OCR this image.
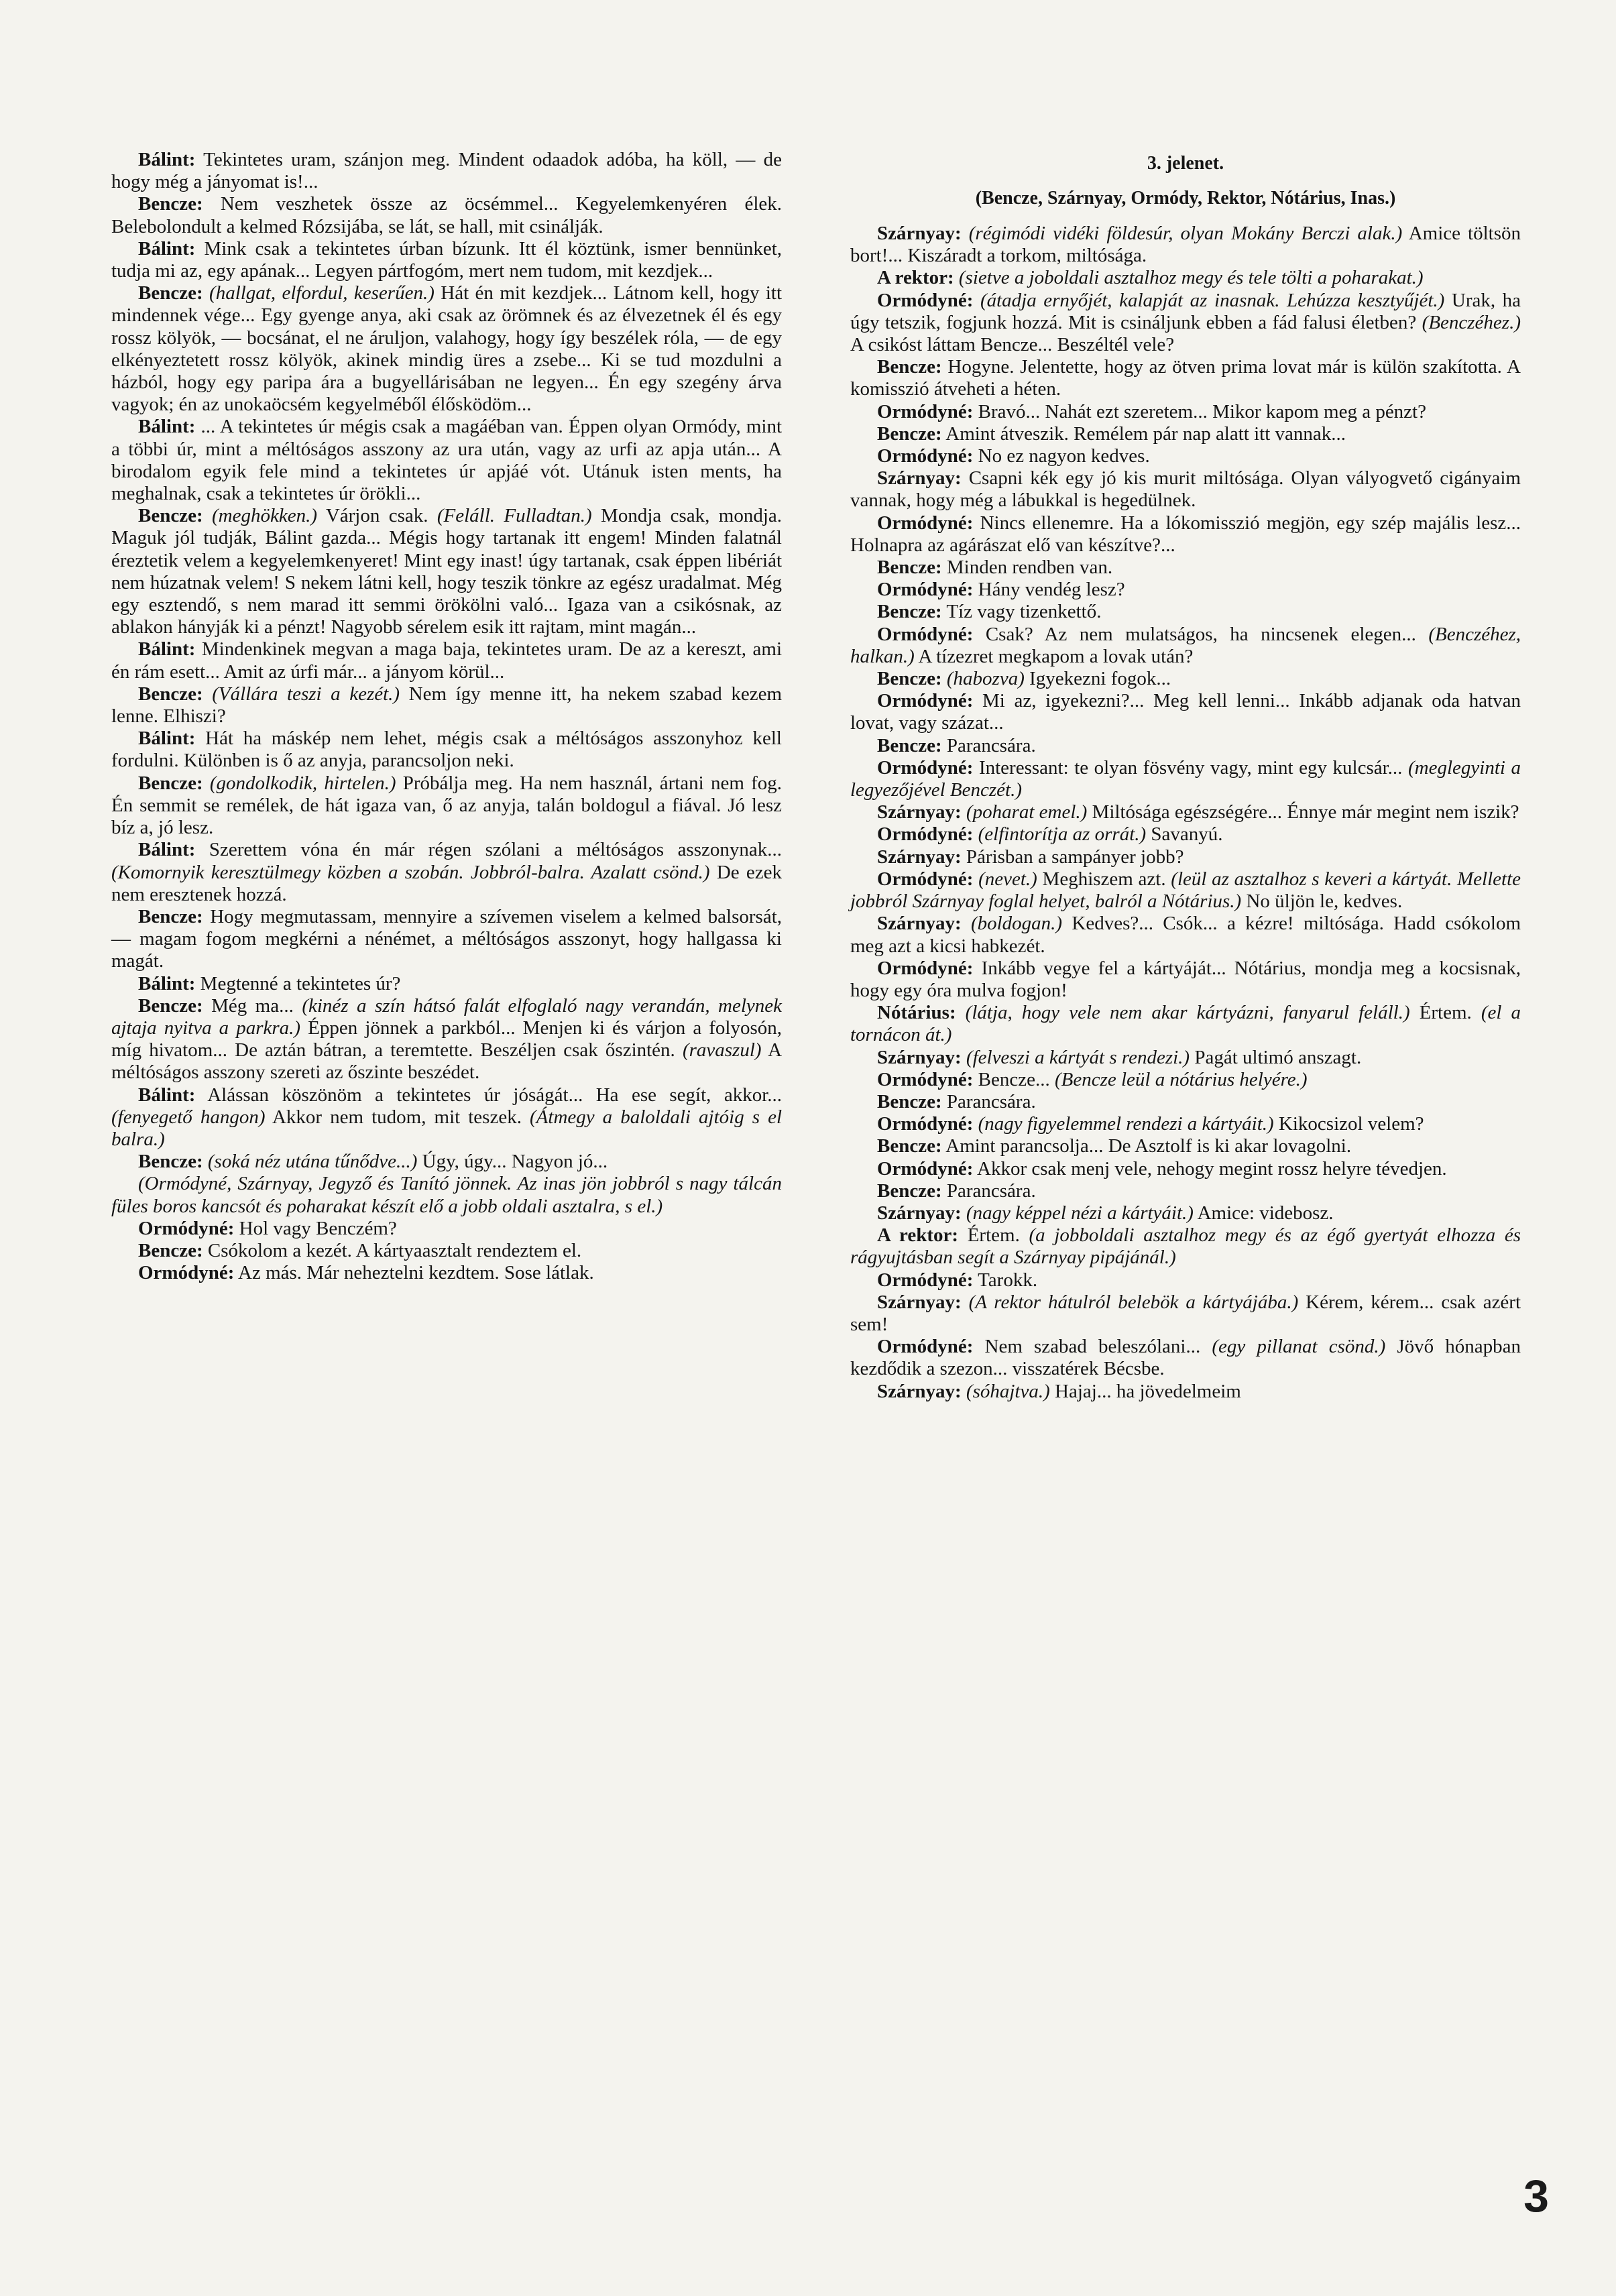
Bálint: Tekintetes uram, szánjon meg. Mindent odaadok adóba, ha köll, — de hogy még a jányomat is!...

Bencze: Nem veszhetek össze az öcsémmel... Kegyelemkenyéren élek. Belebolondult a kelmed Rózsijába, se lát, se hall, mit csinálják.

Bálint: Mink csak a tekintetes úrban bízunk. Itt él köztünk, ismer bennünket, tudja mi az, egy apának... Legyen pártfogóm, mert nem tudom, mit kezdjek...

Bencze: (hallgat, elfordul, keserűen.) Hát én mit kezdjek... Látnom kell, hogy itt mindennek vége... Egy gyenge anya, aki csak az örömnek és az élvezetnek él és egy rossz kölyök, — bocsánat, el ne áruljon, valahogy, hogy így beszélek róla, — de egy elkényeztetett rossz kölyök, akinek mindig üres a zsebe... Ki se tud mozdulni a házból, hogy egy paripa ára a bugyellárisában ne legyen... Én egy szegény árva vagyok; én az unokaöcsém kegyelméből élősködöm...

Bálint: ... A tekintetes úr mégis csak a magáéban van. Éppen olyan Ormódy, mint a többi úr, mint a méltóságos asszony az ura után, vagy az urfi az apja után... A birodalom egyik fele mind a tekintetes úr apjáé vót. Utánuk isten ments, ha meghalnak, csak a tekintetes úr örökli...

Bencze: (meghökken.) Várjon csak. (Feláll. Fulladtan.) Mondja csak, mondja. Maguk jól tudják, Bálint gazda... Mégis hogy tartanak itt engem! Minden falatnál éreztetik velem a kegyelemkenyeret! Mint egy inast! úgy tartanak, csak éppen libériát nem húzatnak velem! S nekem látni kell, hogy teszik tönkre az egész uradalmat. Még egy esztendő, s nem marad itt semmi örökölni való... Igaza van a csikósnak, az ablakon hányják ki a pénzt! Nagyobb sérelem esik itt rajtam, mint magán...

Bálint: Mindenkinek megvan a maga baja, tekintetes uram. De az a kereszt, ami én rám esett... Amit az úrfi már... a jányom körül...

Bencze: (Vállára teszi a kezét.) Nem így menne itt, ha nekem szabad kezem lenne. Elhiszi?

Bálint: Hát ha máskép nem lehet, mégis csak a méltóságos asszonyhoz kell fordulni. Különben is ő az anyja, parancsoljon neki.

Bencze: (gondolkodik, hirtelen.) Próbálja meg. Ha nem használ, ártani nem fog. Én semmit se remélek, de hát igaza van, ő az anyja, talán boldogul a fiával. Jó lesz bíz a, jó lesz.

Bálint: Szerettem vóna én már régen szólani a méltóságos asszonynak... (Komornyik keresztülmegy közben a szobán. Jobbról-balra. Azalatt csönd.) De ezek nem eresztenek hozzá.

Bencze: Hogy megmutassam, mennyire a szívemen viselem a kelmed balsorsát, — magam fogom megkérni a nénémet, a méltóságos asszonyt, hogy hallgassa ki magát.

Bálint: Megtenné a tekintetes úr?

Bencze: Még ma... (kinéz a szín hátsó falát elfoglaló nagy verandán, melynek ajtaja nyitva a parkra.) Éppen jönnek a parkból... Menjen ki és várjon a folyosón, míg hivatom... De aztán bátran, a teremtette. Beszéljen csak őszintén. (ravaszul) A méltóságos asszony szereti az őszinte beszédet.

Bálint: Alássan köszönöm a tekintetes úr jóságát... Ha ese segít, akkor... (fenyegető hangon) Akkor nem tudom, mit teszek. (Átmegy a baloldali ajtóig s el balra.)

Bencze: (soká néz utána tűnődve...) Úgy, úgy... Nagyon jó...

(Ormódyné, Szárnyay, Jegyző és Tanító jönnek. Az inas jön jobbról s nagy tálcán füles boros kancsót és poharakat készít elő a jobb oldali asztalra, s el.)

Ormódyné: Hol vagy Benczém?

Bencze: Csókolom a kezét. A kártyaasztalt rendeztem el.

Ormódyné: Az más. Már neheztelni kezdtem. Sose látlak.

3. jelenet.
(Bencze, Szárnyay, Ormódy, Rektor, Nótárius, Inas.)

Szárnyay: (régimódi vidéki földesúr, olyan Mokány Berczi alak.) Amice töltsön bort!... Kiszáradt a torkom, miltósága.

A rektor: (sietve a joboldali asztalhoz megy és tele tölti a poharakat.)

Ormódyné: (átadja ernyőjét, kalapját az inasnak. Lehúzza kesztyűjét.) Urak, ha úgy tetszik, fogjunk hozzá. Mit is csináljunk ebben a fád falusi életben? (Benczéhez.) A csikóst láttam Bencze... Beszéltél vele?

Bencze: Hogyne. Jelentette, hogy az ötven prima lovat már is külön szakította. A komisszió átveheti a héten.

Ormódyné: Bravó... Nahát ezt szeretem... Mikor kapom meg a pénzt?

Bencze: Amint átveszik. Remélem pár nap alatt itt vannak...

Ormódyné: No ez nagyon kedves.

Szárnyay: Csapni kék egy jó kis murit miltósága. Olyan vályogvető cigányaim vannak, hogy még a lábukkal is hegedülnek.

Ormódyné: Nincs ellenemre. Ha a lókomisszió megjön, egy szép majális lesz... Holnapra az agárászat elő van készítve?...

Bencze: Minden rendben van.

Ormódyné: Hány vendég lesz?

Bencze: Tíz vagy tizenkettő.

Ormódyné: Csak? Az nem mulatságos, ha nincsenek elegen... (Benczéhez, halkan.) A tízezret megkapom a lovak után?

Bencze: (habozva) Igyekezni fogok...

Ormódyné: Mi az, igyekezni?... Meg kell lenni... Inkább adjanak oda hatvan lovat, vagy százat...

Bencze: Parancsára.

Ormódyné: Interessant: te olyan fösvény vagy, mint egy kulcsár... (meglegyinti a legyezőjével Benczét.)

Szárnyay: (poharat emel.) Miltósága egészségére... Énnye már megint nem iszik?

Ormódyné: (elfintorítja az orrát.) Savanyú.

Szárnyay: Párisban a sampányer jobb?

Ormódyné: (nevet.) Meghiszem azt. (leül az asztalhoz s keveri a kártyát. Mellette jobbról Szárnyay foglal helyet, balról a Nótárius.) No üljön le, kedves.

Szárnyay: (boldogan.) Kedves?... Csók... a kézre! miltósága. Hadd csókolom meg azt a kicsi habkezét.

Ormódyné: Inkább vegye fel a kártyáját... Nótárius, mondja meg a kocsisnak, hogy egy óra mulva fogjon!

Nótárius: (látja, hogy vele nem akar kártyázni, fanyarul feláll.) Értem. (el a tornácon át.)

Szárnyay: (felveszi a kártyát s rendezi.) Pagát ultimó anszagt.

Ormódyné: Bencze... (Bencze leül a nótárius helyére.)

Bencze: Parancsára.

Ormódyné: (nagy figyelemmel rendezi a kártyáit.) Kikocsizol velem?

Bencze: Amint parancsolja... De Asztolf is ki akar lovagolni.

Ormódyné: Akkor csak menj vele, nehogy megint rossz helyre tévedjen.

Bencze: Parancsára.

Szárnyay: (nagy képpel nézi a kártyáit.) Amice: videbosz.

A rektor: Értem. (a jobboldali asztalhoz megy és az égő gyertyát elhozza és rágyujtásban segít a Szárnyay pipájánál.)

Ormódyné: Tarokk.

Szárnyay: (A rektor hátulról belebök a kártyájába.) Kérem, kérem... csak azért sem!

Ormódyné: Nem szabad beleszólani... (egy pillanat csönd.) Jövő hónapban kezdődik a szezon... visszatérek Bécsbe.

Szárnyay: (sóhajtva.) Hajaj... ha jövedelmeim

3
